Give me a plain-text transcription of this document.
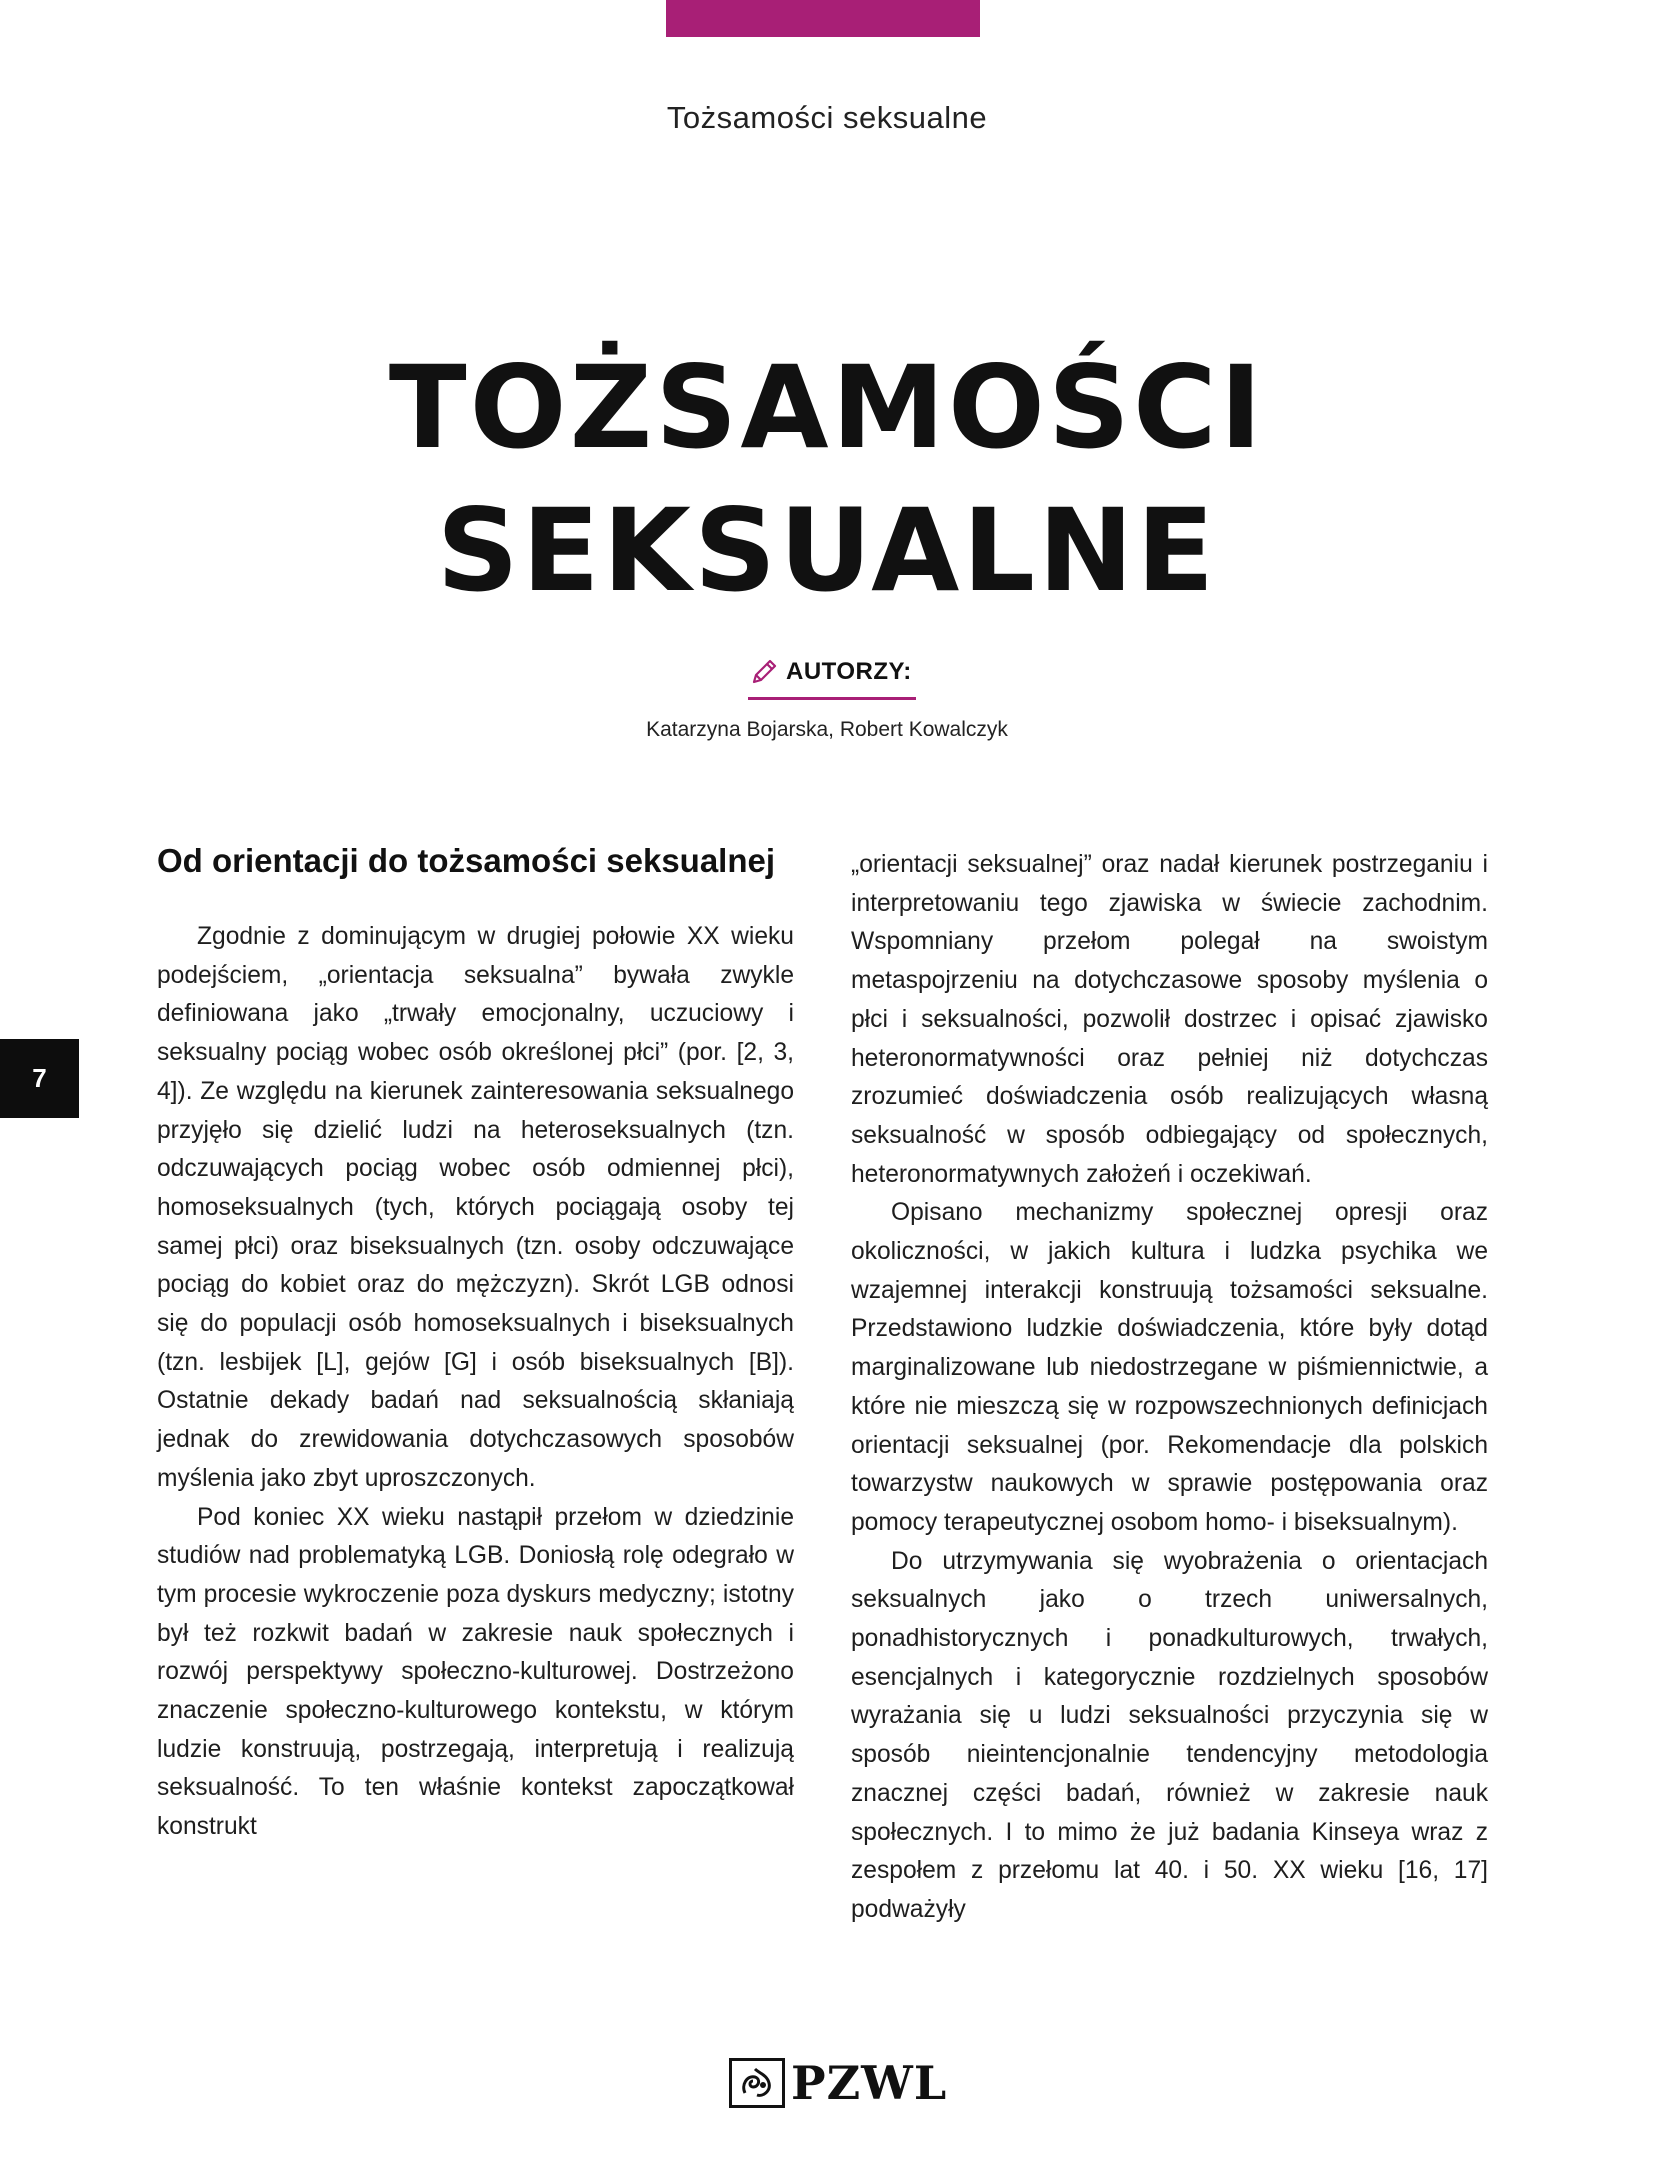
Tożsamości seksualne
TOŻSAMOŚCI
SEKSUALNE
AUTORZY:
Katarzyna Bojarska, Robert Kowalczyk
7
Od orientacji do tożsamości seksualnej

Zgodnie z dominującym w drugiej połowie XX wieku podejściem, „orientacja seksualna” bywała zwykle definiowana jako „trwały emocjonalny, uczuciowy i seksualny pociąg wobec osób określonej płci” (por. [2, 3, 4]). Ze względu na kierunek zainteresowania seksualnego przyjęło się dzielić ludzi na heteroseksualnych (tzn. odczuwających pociąg wobec osób odmiennej płci), homoseksualnych (tych, których pociągają osoby tej samej płci) oraz biseksualnych (tzn. osoby odczuwające pociąg do kobiet oraz do mężczyzn). Skrót LGB odnosi się do populacji osób homoseksualnych i biseksualnych (tzn. lesbijek [L], gejów [G] i osób biseksualnych [B]). Ostatnie dekady badań nad seksualnością skłaniają jednak do zrewidowania dotychczasowych sposobów myślenia jako zbyt uproszczonych.

Pod koniec XX wieku nastąpił przełom w dziedzinie studiów nad problematyką LGB. Doniosłą rolę odegrało w tym procesie wykroczenie poza dyskurs medyczny; istotny był też rozkwit badań w zakresie nauk społecznych i rozwój perspektywy społeczno-kulturowej. Dostrzeżono znaczenie społeczno-kulturowego kontekstu, w którym ludzie konstruują, postrzegają, interpretują i realizują seksualność. To ten właśnie kontekst zapoczątkował konstrukt

„orientacji seksualnej” oraz nadał kierunek postrzeganiu i interpretowaniu tego zjawiska w świecie zachodnim. Wspomniany przełom polegał na swoistym metaspojrzeniu na dotychczasowe sposoby myślenia o płci i seksualności, pozwolił dostrzec i opisać zjawisko heteronormatywności oraz pełniej niż dotychczas zrozumieć doświadczenia osób realizujących własną seksualność w sposób odbiegający od społecznych, heteronormatywnych założeń i oczekiwań.

Opisano mechanizmy społecznej opresji oraz okoliczności, w jakich kultura i ludzka psychika we wzajemnej interakcji konstruują tożsamości seksualne. Przedstawiono ludzkie doświadczenia, które były dotąd marginalizowane lub niedostrzegane w piśmiennictwie, a które nie mieszczą się w rozpowszechnionych definicjach orientacji seksualnej (por. Rekomendacje dla polskich towarzystw naukowych w sprawie postępowania oraz pomocy terapeutycznej osobom homo- i biseksualnym).

Do utrzymywania się wyobrażenia o orientacjach seksualnych jako o trzech uniwersalnych, ponadhistorycznych i ponadkulturowych, trwałych, esencjalnych i kategorycznie rozdzielnych sposobów wyrażania się u ludzi seksualności przyczynia się w sposób nieintencjonalnie tendencyjny metodologia znacznej części badań, również w zakresie nauk społecznych. I to mimo że już badania Kinseya wraz z zespołem z przełomu lat 40. i 50. XX wieku [16, 17] podważyły

PZWL
